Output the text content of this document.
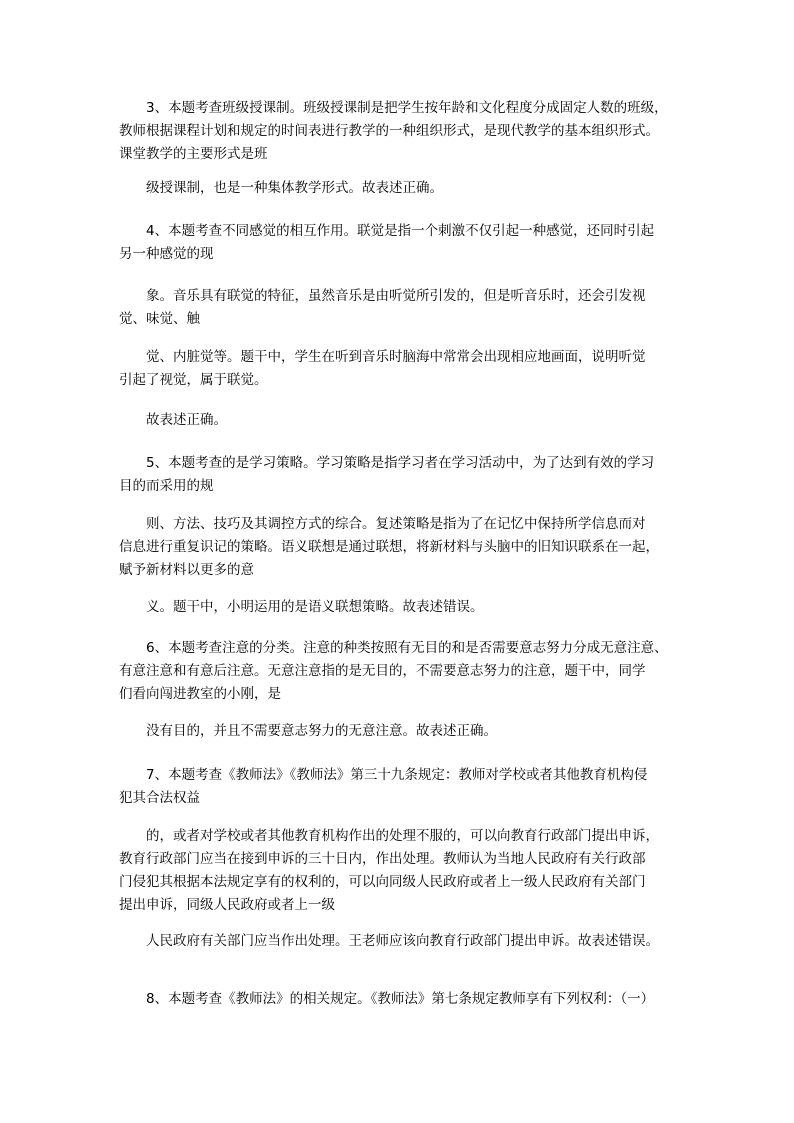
3、本题考查班级授课制。班级授课制是把学生按年龄和文化程度分成固定人数的班级，
教师根据课程计划和规定的时间表进行教学的一种组织形式，是现代教学的基本组织形式。
课堂教学的主要形式是班

级授课制，也是一种集体教学形式。故表述正确。

4、本题考查不同感觉的相互作用。联觉是指一个刺激不仅引起一种感觉，还同时引起
另一种感觉的现

象。音乐具有联觉的特征，虽然音乐是由听觉所引发的，但是听音乐时，还会引发视
觉、味觉、触

觉、内脏觉等。题干中，学生在听到音乐时脑海中常常会出现相应地画面，说明听觉
引起了视觉，属于联觉。

故表述正确。

5、本题考查的是学习策略。学习策略是指学习者在学习活动中，为了达到有效的学习
目的而采用的规

则、方法、技巧及其调控方式的综合。复述策略是指为了在记忆中保持所学信息而对
信息进行重复识记的策略。语义联想是通过联想，将新材料与头脑中的旧知识联系在一起，
赋予新材料以更多的意

义。题干中，小明运用的是语义联想策略。故表述错误。

6、本题考查注意的分类。注意的种类按照有无目的和是否需要意志努力分成无意注意、
有意注意和有意后注意。无意注意指的是无目的，不需要意志努力的注意，题干中，同学
们看向闯进教室的小刚，是

没有目的，并且不需要意志努力的无意注意。故表述正确。

7、本题考查《教师法》《教师法》第三十九条规定：教师对学校或者其他教育机构侵
犯其合法权益

的，或者对学校或者其他教育机构作出的处理不服的，可以向教育行政部门提出申诉，
教育行政部门应当在接到申诉的三十日内，作出处理。教师认为当地人民政府有关行政部
门侵犯其根据本法规定享有的权利的，可以向同级人民政府或者上一级人民政府有关部门
提出申诉，同级人民政府或者上一级

人民政府有关部门应当作出处理。王老师应该向教育行政部门提出申诉。故表述错误。

8、本题考查《教师法》的相关规定。《教师法》第七条规定教师享有下列权利：（一）
